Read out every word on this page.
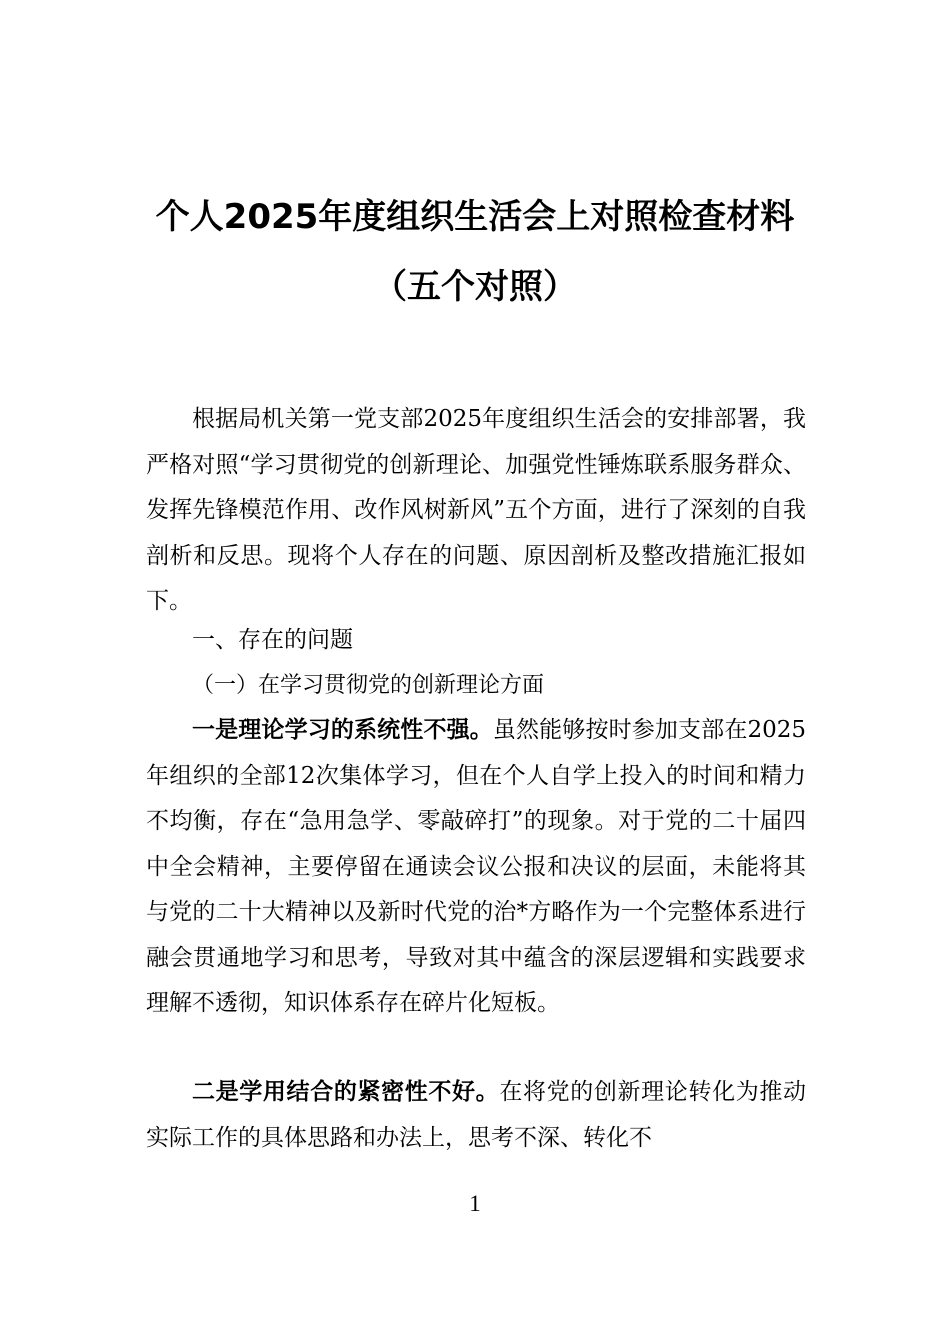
个人2025年度组织生活会上对照检查材料
（五个对照）

根据局机关第一党支部2025年度组织生活会的安排部署，我严格对照“学习贯彻党的创新理论、加强党性锤炼联系服务群众、发挥先锋模范作用、改作风树新风”五个方面，进行了深刻的自我剖析和反思。现将个人存在的问题、原因剖析及整改措施汇报如下。

一、存在的问题
（一）在学习贯彻党的创新理论方面

一是理论学习的系统性不强。虽然能够按时参加支部在2025年组织的全部12次集体学习，但在个人自学上投入的时间和精力不均衡，存在“急用急学、零敲碎打”的现象。对于党的二十届四中全会精神，主要停留在通读会议公报和决议的层面，未能将其与党的二十大精神以及新时代党的治*方略作为一个完整体系进行融会贯通地学习和思考，导致对其中蕴含的深层逻辑和实践要求理解不透彻，知识体系存在碎片化短板。

二是学用结合的紧密性不好。在将党的创新理论转化为推动实际工作的具体思路和办法上，思考不深、转化不

1
